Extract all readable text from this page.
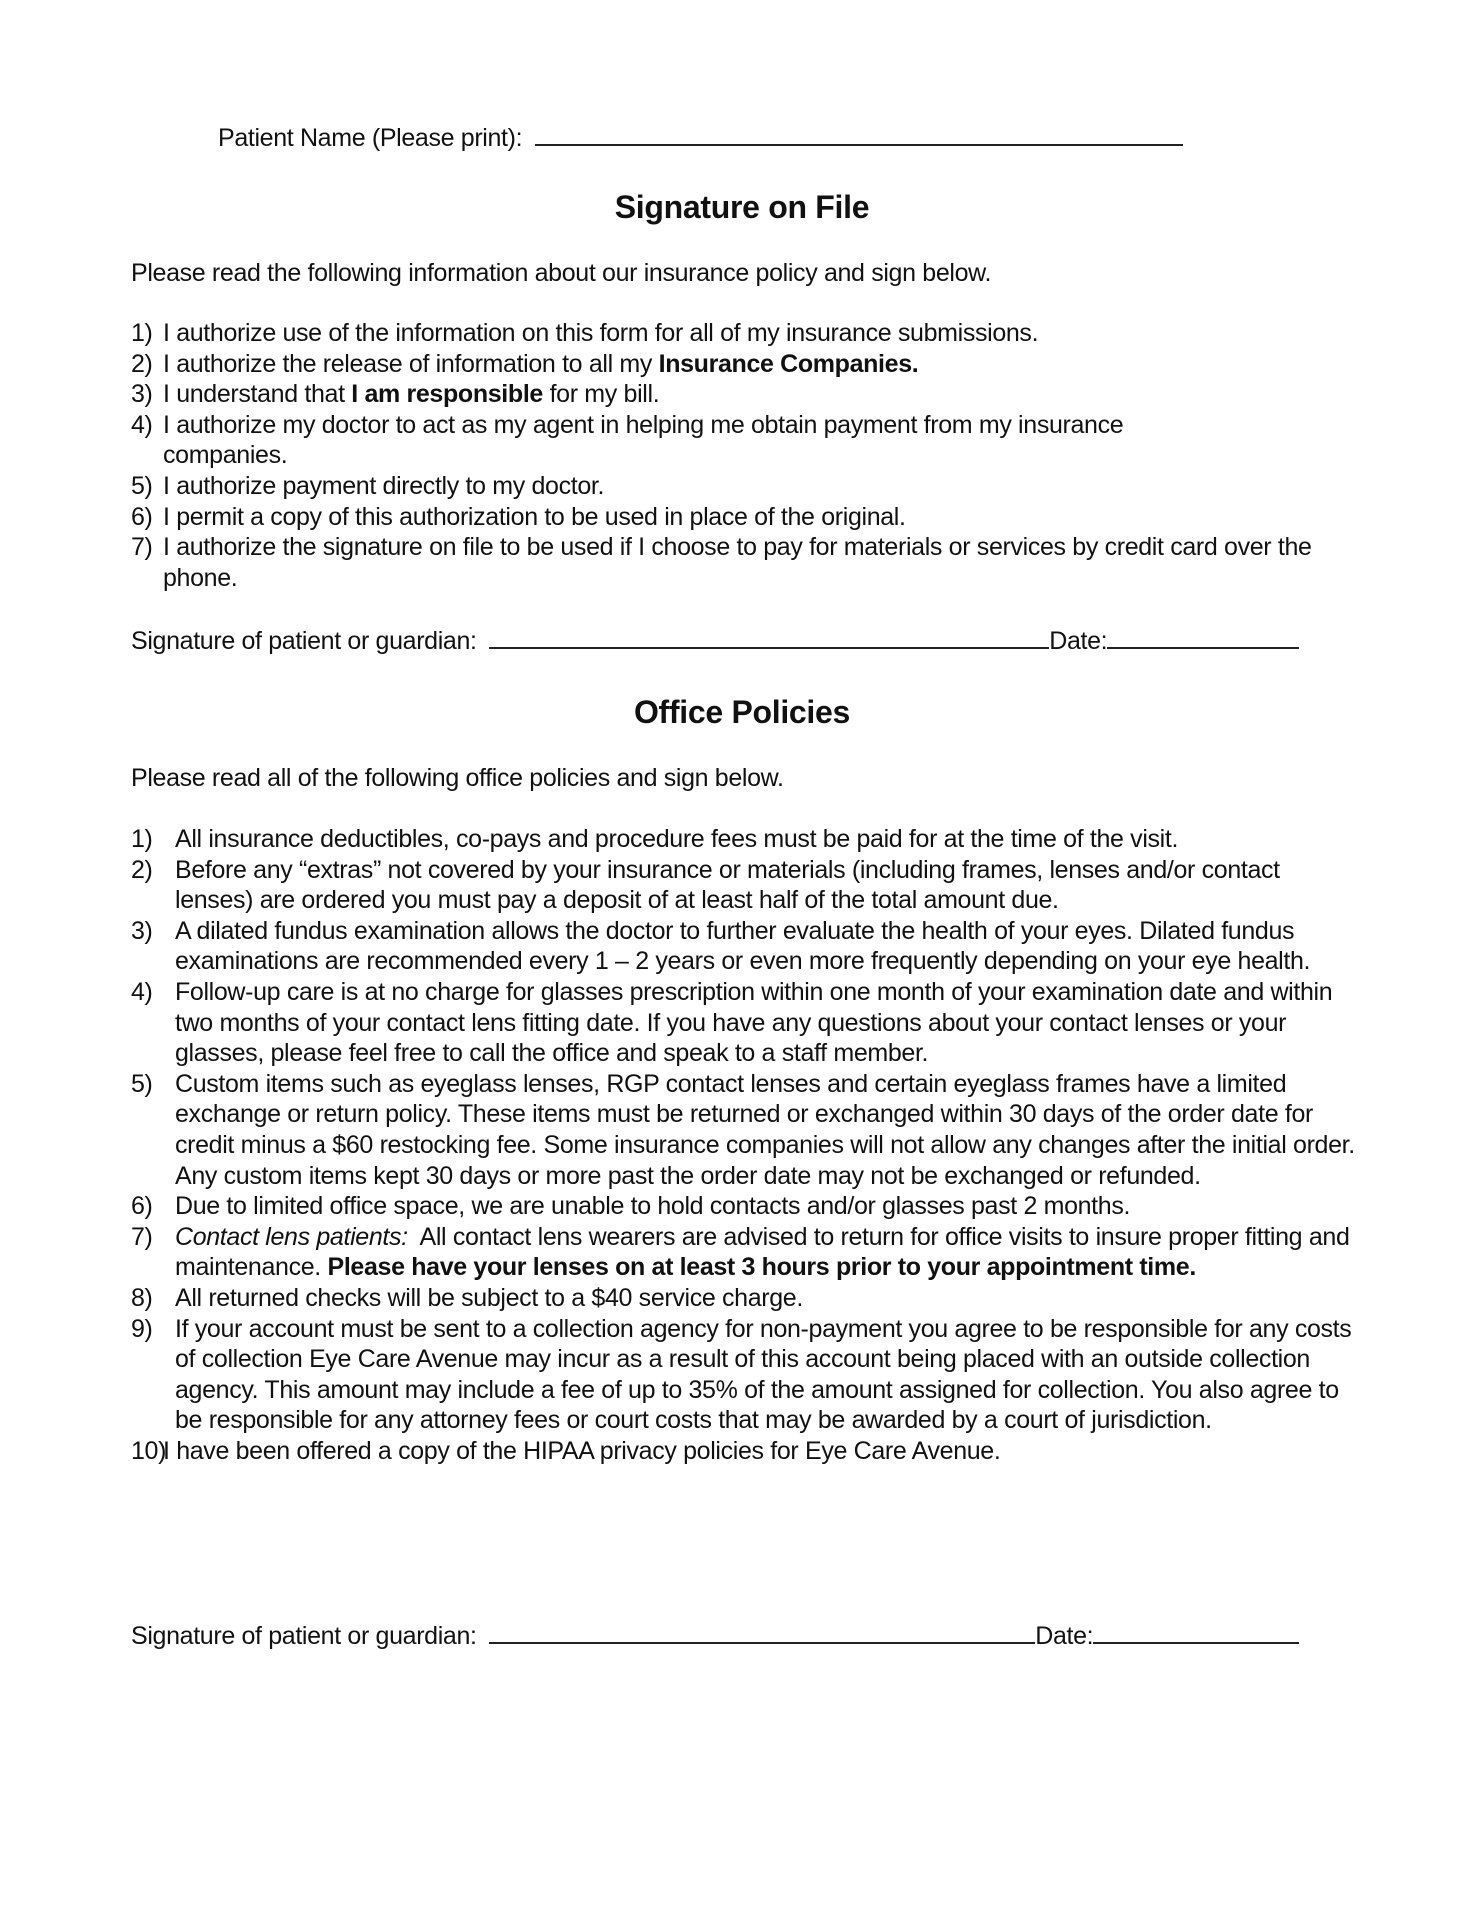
Patient Name (Please print):
Signature on File
Please read the following information about our insurance policy and sign below.
1) I authorize use of the information on this form for all of my insurance submissions.
2) I authorize the release of information to all my Insurance Companies.
3) I understand that I am responsible for my bill.
4) I authorize my doctor to act as my agent in helping me obtain payment from my insurance companies.
5) I authorize payment directly to my doctor.
6) I permit a copy of this authorization to be used in place of the original.
7) I authorize the signature on file to be used if I choose to pay for materials or services by credit card over the phone.
Signature of patient or guardian:	Date:
Office Policies
Please read all of the following office policies and sign below.
1) All insurance deductibles, co-pays and procedure fees must be paid for at the time of the visit.
2) Before any “extras” not covered by your insurance or materials (including frames, lenses and/or contact lenses) are ordered you must pay a deposit of at least half of the total amount due.
3) A dilated fundus examination allows the doctor to further evaluate the health of your eyes. Dilated fundus examinations are recommended every 1 – 2 years or even more frequently depending on your eye health.
4) Follow-up care is at no charge for glasses prescription within one month of your examination date and within two months of your contact lens fitting date. If you have any questions about your contact lenses or your glasses, please feel free to call the office and speak to a staff member.
5) Custom items such as eyeglass lenses, RGP contact lenses and certain eyeglass frames have a limited exchange or return policy. These items must be returned or exchanged within 30 days of the order date for credit minus a $60 restocking fee. Some insurance companies will not allow any changes after the initial order. Any custom items kept 30 days or more past the order date may not be exchanged or refunded.
6) Due to limited office space, we are unable to hold contacts and/or glasses past 2 months.
7) Contact lens patients:  All contact lens wearers are advised to return for office visits to insure proper fitting and maintenance. Please have your lenses on at least 3 hours prior to your appointment time.
8) All returned checks will be subject to a $40 service charge.
9) If your account must be sent to a collection agency for non-payment you agree to be responsible for any costs of collection Eye Care Avenue may incur as a result of this account being placed with an outside collection agency. This amount may include a fee of up to 35% of the amount assigned for collection. You also agree to be responsible for any attorney fees or court costs that may be awarded by a court of jurisdiction.
10)
I have been offered a copy of the HIPAA privacy policies for Eye Care Avenue.
Signature of patient or guardian:	Date:
